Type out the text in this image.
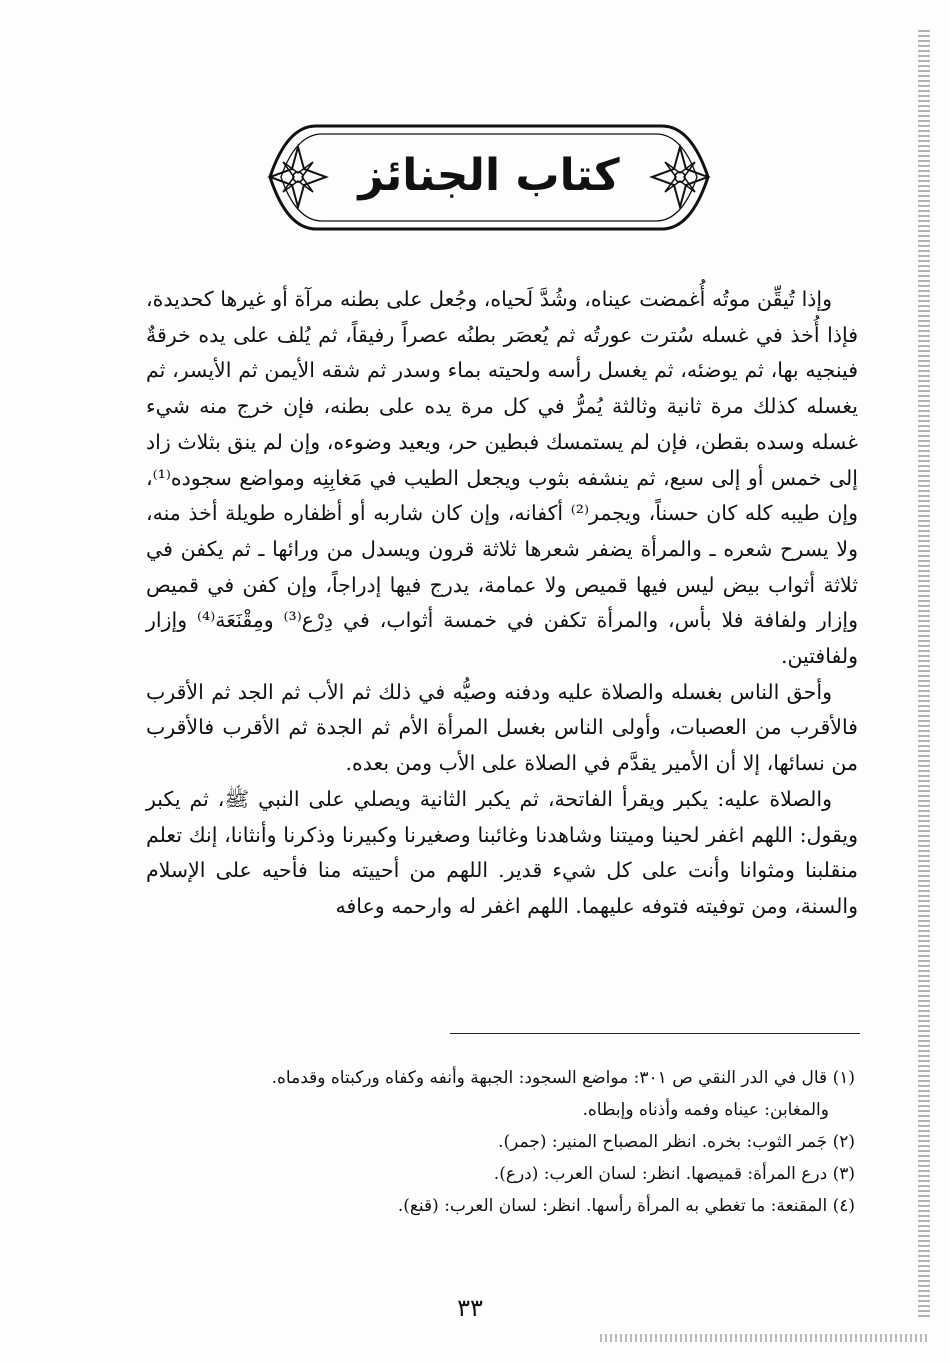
كتاب الجنائز

وإذا تُيقِّن موتُه أُغمضت عيناه، وشُدَّ لَحياه، وجُعل على بطنه مرآة أو غيرها كحديدة، فإذا أُخذ في غسله سُترت عورتُه ثم يُعصَر بطنُه عصراً رفيقاً، ثم يُلف على يده خرقةٌ فينجيه بها، ثم يوضئه، ثم يغسل رأسه ولحيته بماء وسدر ثم شقه الأيمن ثم الأيسر، ثم يغسله كذلك مرة ثانية وثالثة يُمرُّ في كل مرة يده على بطنه، فإن خرج منه شيء غسله وسده بقطن، فإن لم يستمسك فبطين حر، ويعيد وضوءه، وإن لم ينق بثلاث زاد إلى خمس أو إلى سبع، ثم ينشفه بثوب ويجعل الطيب في مَغابِنِه ومواضع سجوده⁽¹⁾، وإن طيبه كله كان حسناً، ويجمر⁽²⁾ أكفانه، وإن كان شاربه أو أظفاره طويلة أخذ منه، ولا يسرح شعره ـ والمرأة يضفر شعرها ثلاثة قرون ويسدل من ورائها ـ ثم يكفن في ثلاثة أثواب بيض ليس فيها قميص ولا عمامة، يدرج فيها إدراجاً، وإن كفن في قميص وإزار ولفافة فلا بأس، والمرأة تكفن في خمسة أثواب، في دِرْع⁽³⁾ ومِقْنَعَة⁽⁴⁾ وإزار ولفافتين.

وأحق الناس بغسله والصلاة عليه ودفنه وصيُّه في ذلك ثم الأب ثم الجد ثم الأقرب فالأقرب من العصبات، وأولى الناس بغسل المرأة الأم ثم الجدة ثم الأقرب فالأقرب من نسائها، إلا أن الأمير يقدَّم في الصلاة على الأب ومن بعده.

والصلاة عليه: يكبر ويقرأ الفاتحة، ثم يكبر الثانية ويصلي على النبي ﷺ، ثم يكبر ويقول: اللهم اغفر لحينا وميتنا وشاهدنا وغائبنا وصغيرنا وكبيرنا وذكرنا وأنثانا، إنك تعلم منقلبنا ومثوانا وأنت على كل شيء قدير. اللهم من أحييته منا فأحيه على الإسلام والسنة، ومن توفيته فتوفه عليهما. اللهم اغفر له وارحمه وعافه

(١) قال في الدر النقي ص ٣٠١: مواضع السجود: الجبهة وأنفه وكفاه وركبتاه وقدماه.
والمغابن: عيناه وفمه وأذناه وإبطاه.
(٢) جَمر الثوب: بخره. انظر المصباح المنير: (جمر).
(٣) درع المرأة: قميصها. انظر: لسان العرب: (درع).
(٤) المقنعة: ما تغطي به المرأة رأسها. انظر: لسان العرب: (قنع).
٣٣
